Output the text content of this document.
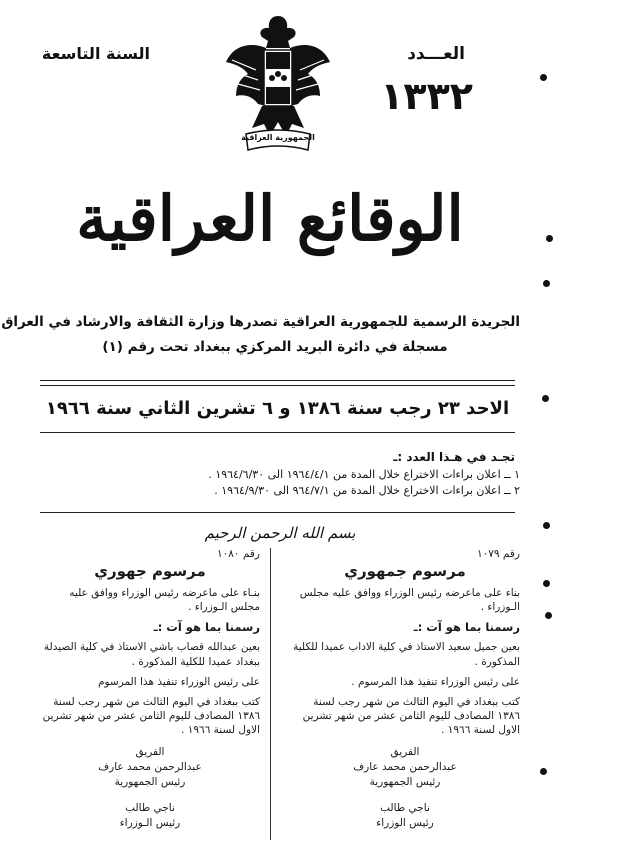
السنة التاسعة	العـــدد
١٣٣٢
الجمهورية العراقية
الوقائع العراقية
الجريدة الرسمية للجمهورية العراقية تصدرها وزارة الثقافة والارشاد في العراق
مسجلة في دائرة البريد المركزي ببغداد تحت رقم (١)
الاحد ٢٣ رجب سنة ١٣٨٦ و ٦ تشرين الثاني سنة ١٩٦٦
تجـد في هـذا العدد :ـ
١ ــ اعلان براءات الاختراع خلال المدة من ١٩٦٤/٤/١ الى ١٩٦٤/٦/٣٠ .
٢ ــ اعلان براءات الاختراع خلال المدة من ٩٦٤/٧/١ الى ١٩٦٤/٩/٣٠ .
بسم الله الرحمن الرحيم
رقم ١٠٧٩
مرسوم جمهوري
بناء على ماعرضه رئيس الوزراء ووافق عليه مجلس الـوزراء .
رسمنا بما هو آت :ـ
بعين جميل سعيد الاستاذ في كلية الاداب عميدا للكلية المذكورة .
على رئيس الوزراء تنفيذ هذا المرسوم .
كتب ببغداد في اليوم الثالث من شهر رجب لسنة ١٣٨٦ المصادف لليوم الثامن عشر من شهر تشرين الاول لسنة ١٩٦٦ .
الفريق
عبدالرحمن محمد عارف
رئيس الجمهورية
ناجي طالب
رئيس الوزراء
رقم ١٠٨٠
مرسوم جهوري
بنـاء على ماعرضه رئيس الوزراء ووافق عليه مجلس الـوزراء .
رسمنا بما هو آت :ـ
بعين عبدالله قصاب باشي الاستاذ في كلية الصيدلة ببغداد عميدا للكلية المذكورة .
على رئيس الوزراء تنفيذ هذا المرسوم
كتب ببغداد في اليوم الثالث من شهر رجب لسنة ١٣٨٦ المصادف لليوم الثامن عشر من شهر تشرين الاول لسنة ١٩٦٦ .
الفريق
عبدالرحمن محمد عارف
رئيس الجمهورية
ناجي طالب
رئيس الـوزراء
